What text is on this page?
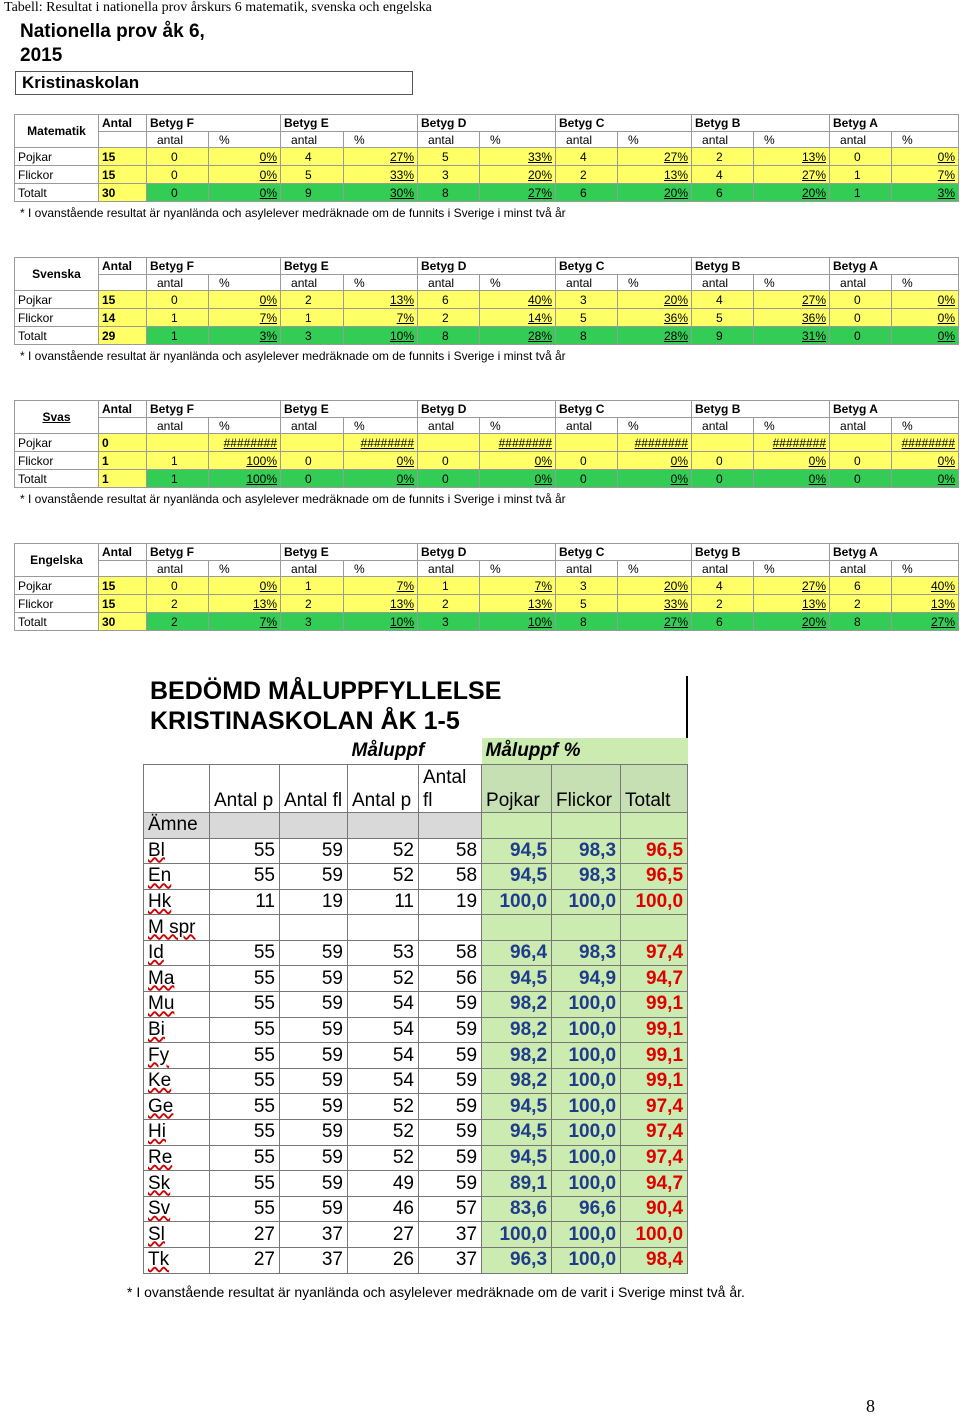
Tabell: Resultat i nationella prov årskurs 6 matematik, svenska och engelska
Nationella prov åk 6,
2015
Kristinaskolan
Matematik	Antal	Betyg F		Betyg E		Betyg D		Betyg C		Betyg B		Betyg A	
		antal	%	antal	%	antal	%	antal	%	antal	%	antal	%
Pojkar	15	0	0%	4	27%	5	33%	4	27%	2	13%	0	0%
Flickor	15	0	0%	5	33%	3	20%	2	13%	4	27%	1	7%
Totalt	30	0	0%	9	30%	8	27%	6	20%	6	20%	1	3%
* I ovanstående resultat är nyanlända och asylelever medräknade om de funnits i Sverige i minst två år
Svenska	Antal	Betyg F		Betyg E		Betyg D		Betyg C		Betyg B		Betyg A	
		antal	%	antal	%	antal	%	antal	%	antal	%	antal	%
Pojkar	15	0	0%	2	13%	6	40%	3	20%	4	27%	0	0%
Flickor	14	1	7%	1	7%	2	14%	5	36%	5	36%	0	0%
Totalt	29	1	3%	3	10%	8	28%	8	28%	9	31%	0	0%
* I ovanstående resultat är nyanlända och asylelever medräknade om de funnits i Sverige i minst två år
Svas	Antal	Betyg F		Betyg E		Betyg D		Betyg C		Betyg B		Betyg A	
		antal	%	antal	%	antal	%	antal	%	antal	%	antal	%
Pojkar	0		########		########		########		########		########		########
Flickor	1	1	100%	0	0%	0	0%	0	0%	0	0%	0	0%
Totalt	1	1	100%	0	0%	0	0%	0	0%	0	0%	0	0%
* I ovanstående resultat är nyanlända och asylelever medräknade om de funnits i Sverige i minst två år
Engelska	Antal	Betyg F		Betyg E		Betyg D		Betyg C		Betyg B		Betyg A	
		antal	%	antal	%	antal	%	antal	%	antal	%	antal	%
Pojkar	15	0	0%	1	7%	1	7%	3	20%	4	27%	6	40%
Flickor	15	2	13%	2	13%	2	13%	5	33%	2	13%	2	13%
Totalt	30	2	7%	3	10%	3	10%	8	27%	6	20%	8	27%
BEDÖMD MÅLUPPFYLLELSE
KRISTINASKOLAN ÅK 1-5
			Måluppf		Måluppf %		
	Antal p	Antal fl	Antal p	Antal fl	Pojkar	Flickor	Totalt
Ämne							
Bl	55	59	52	58	94,5	98,3	96,5
En	55	59	52	58	94,5	98,3	96,5
Hk	11	19	11	19	100,0	100,0	100,0
M spr							
Id	55	59	53	58	96,4	98,3	97,4
Ma	55	59	52	56	94,5	94,9	94,7
Mu	55	59	54	59	98,2	100,0	99,1
Bi	55	59	54	59	98,2	100,0	99,1
Fy	55	59	54	59	98,2	100,0	99,1
Ke	55	59	54	59	98,2	100,0	99,1
Ge	55	59	52	59	94,5	100,0	97,4
Hi	55	59	52	59	94,5	100,0	97,4
Re	55	59	52	59	94,5	100,0	97,4
Sk	55	59	49	59	89,1	100,0	94,7
Sv	55	59	46	57	83,6	96,6	90,4
Sl	27	37	27	37	100,0	100,0	100,0
Tk	27	37	26	37	96,3	100,0	98,4
* I ovanstående resultat är nyanlända och asylelever medräknade om de varit i Sverige minst två år.
8
